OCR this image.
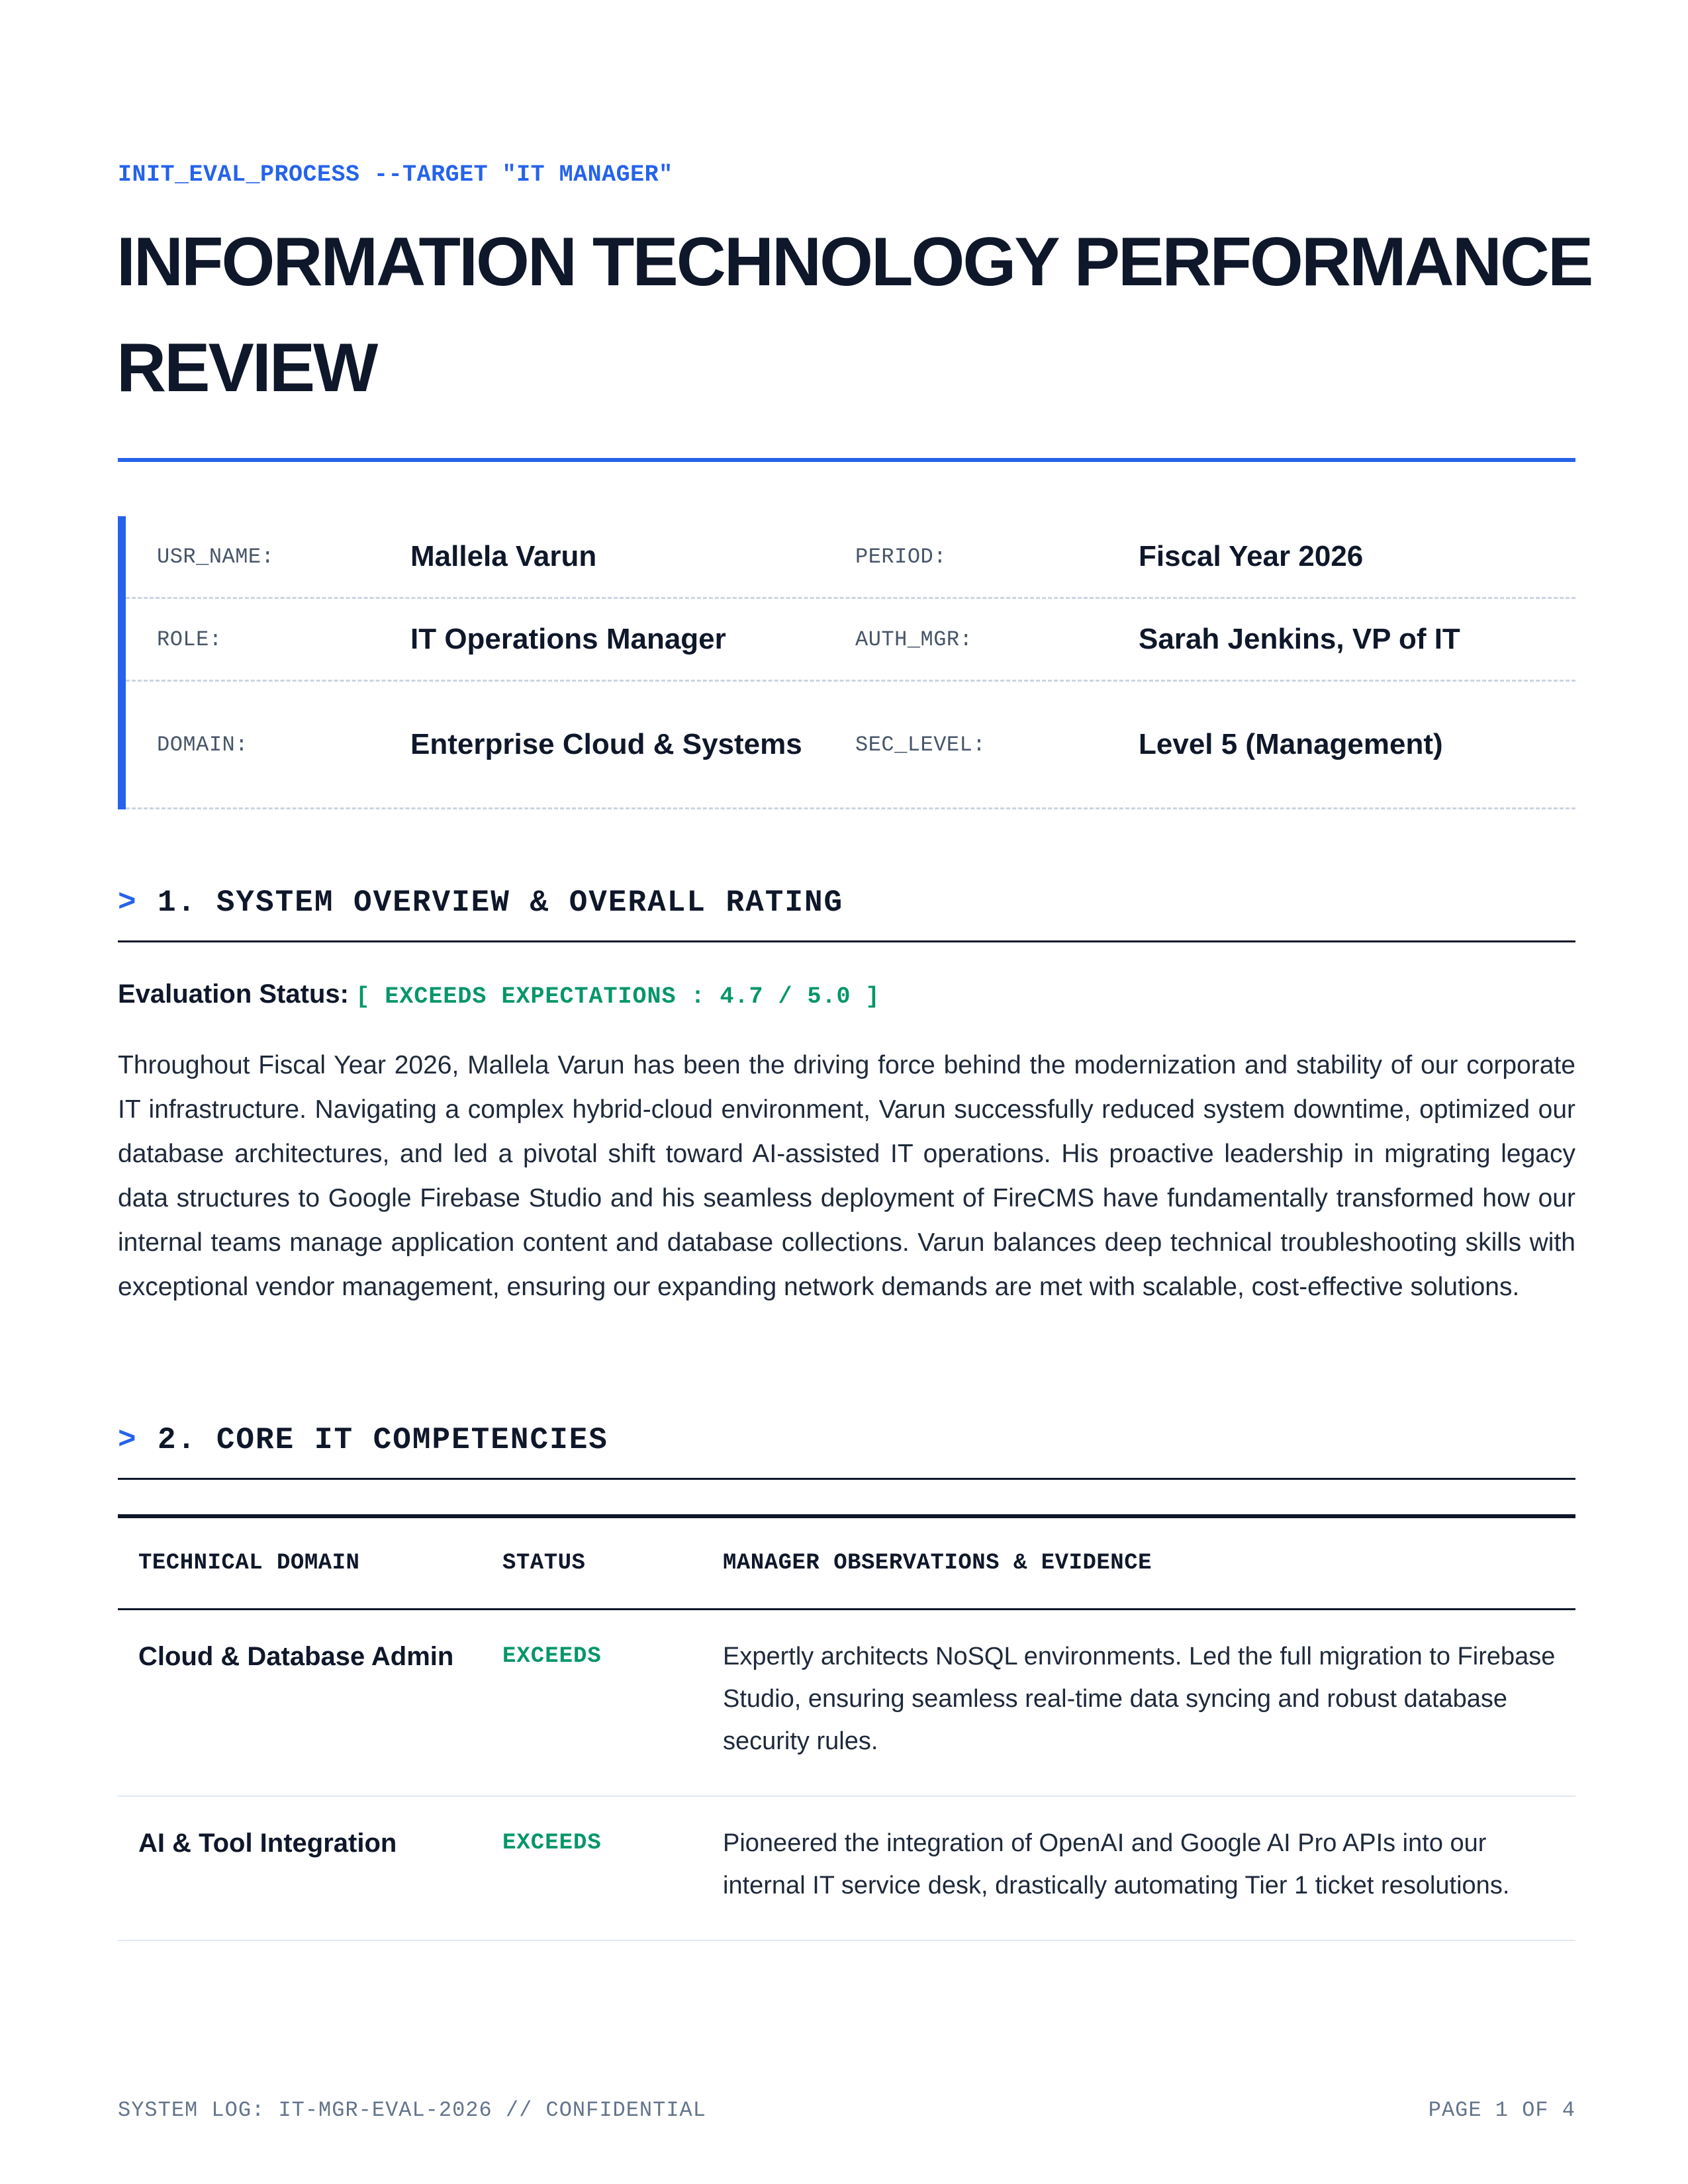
INIT_EVAL_PROCESS --TARGET "IT MANAGER"
INFORMATION TECHNOLOGY PERFORMANCE REVIEW
USR_NAME:	Mallela Varun	PERIOD:	Fiscal Year 2026
ROLE:	IT Operations Manager	AUTH_MGR:	Sarah Jenkins, VP of IT
DOMAIN:	Enterprise Cloud & Systems	SEC_LEVEL:	Level 5 (Management)
> 1. SYSTEM OVERVIEW & OVERALL RATING
Evaluation Status: [ EXCEEDS EXPECTATIONS : 4.7 / 5.0 ]

Throughout Fiscal Year 2026, Mallela Varun has been the driving force behind the modernization and stability of our corporate IT infrastructure. Navigating a complex hybrid-cloud environment, Varun successfully reduced system downtime, optimized our database architectures, and led a pivotal shift toward AI-assisted IT operations. His proactive leadership in migrating legacy data structures to Google Firebase Studio and his seamless deployment of FireCMS have fundamentally transformed how our internal teams manage application content and database collections. Varun balances deep technical troubleshooting skills with exceptional vendor management, ensuring our expanding network demands are met with scalable, cost-effective solutions.

> 2. CORE IT COMPETENCIES
TECHNICAL DOMAIN	STATUS	MANAGER OBSERVATIONS & EVIDENCE
Cloud & Database Admin	EXCEEDS	Expertly architects NoSQL environments. Led the full migration to Firebase Studio, ensuring seamless real-time data syncing and robust database security rules.
AI & Tool Integration	EXCEEDS	Pioneered the integration of OpenAI and Google AI Pro APIs into our internal IT service desk, drastically automating Tier 1 ticket resolutions.
SYSTEM LOG: IT-MGR-EVAL-2026 // CONFIDENTIAL	PAGE 1 OF 4
